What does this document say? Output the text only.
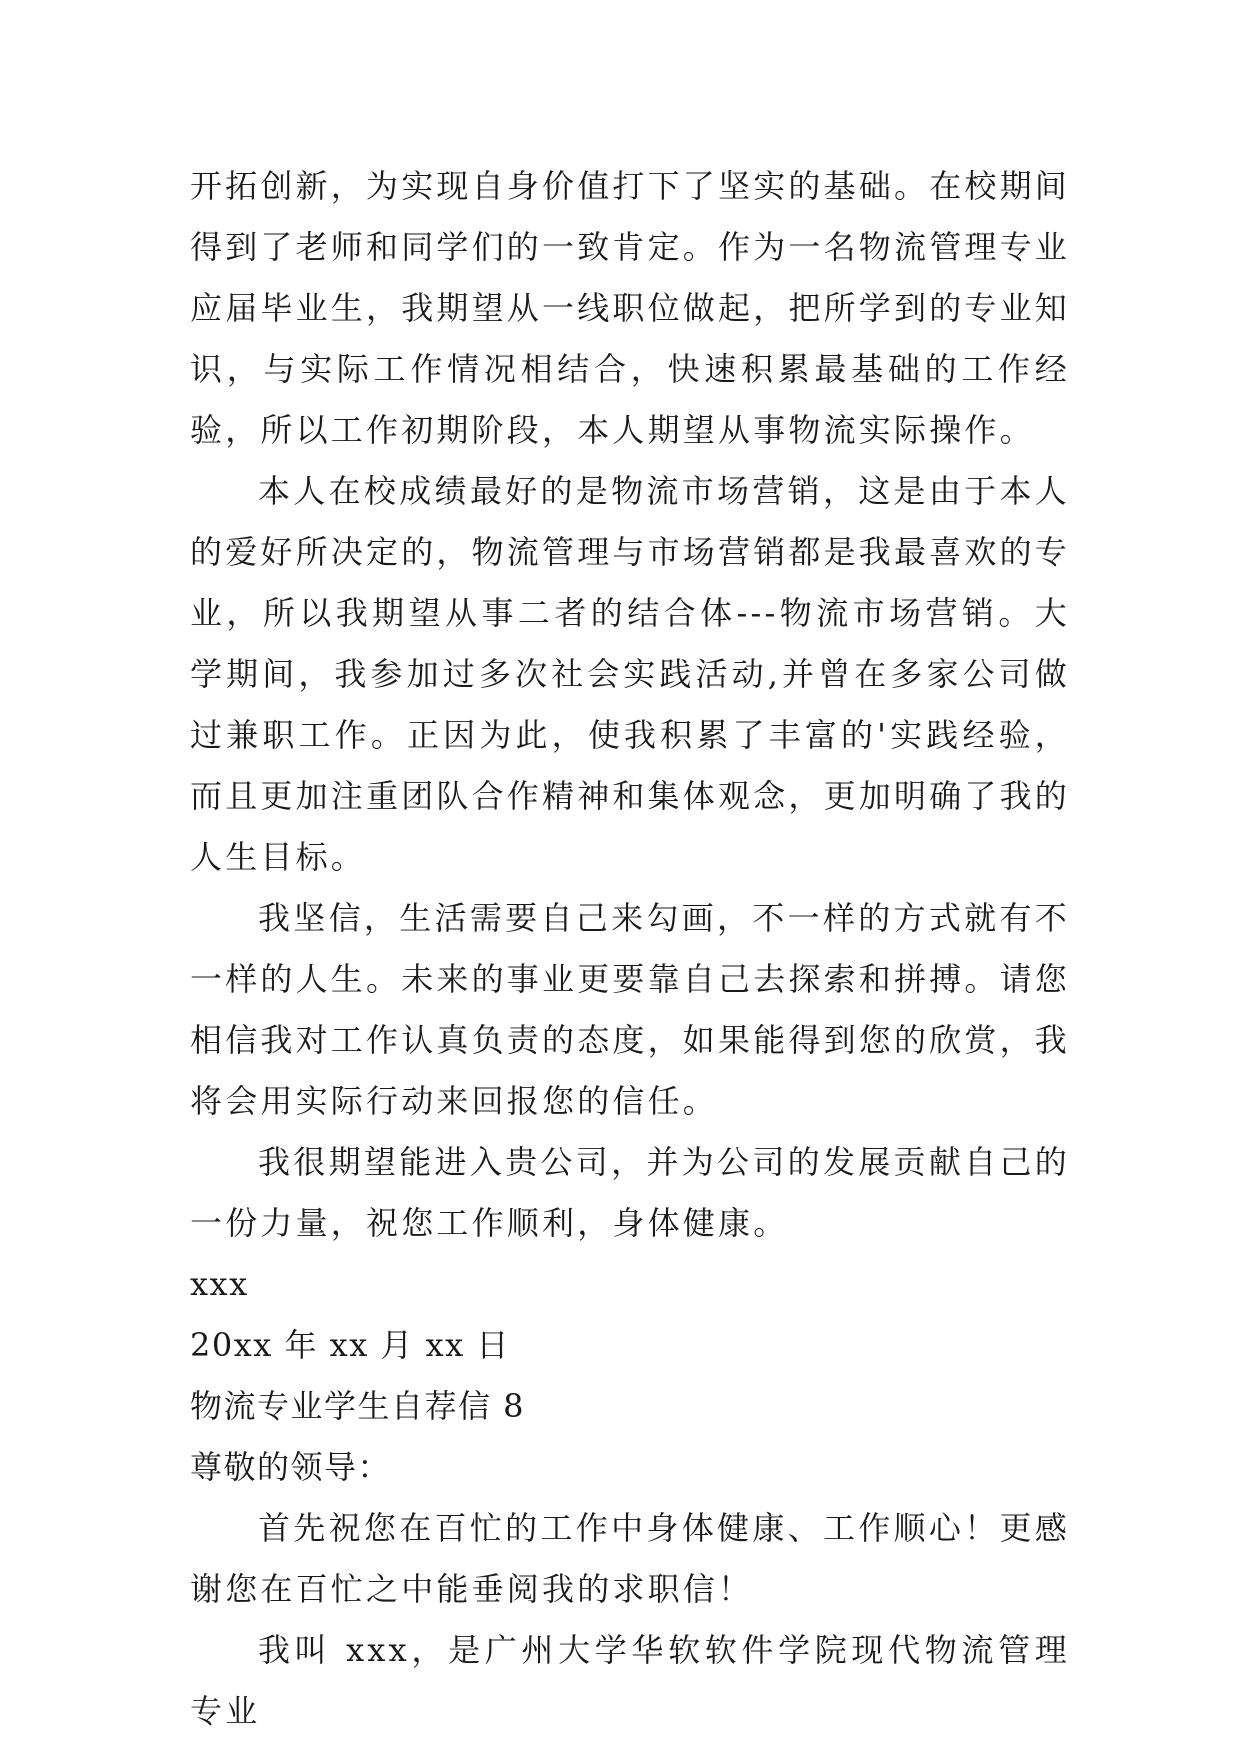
开拓创新，为实现自身价值打下了坚实的基础。在校期间得到了老师和同学们的一致肯定。作为一名物流管理专业应届毕业生，我期望从一线职位做起，把所学到的专业知识，与实际工作情况相结合，快速积累最基础的工作经验，所以工作初期阶段，本人期望从事物流实际操作。

本人在校成绩最好的是物流市场营销，这是由于本人的爱好所决定的，物流管理与市场营销都是我最喜欢的专业，所以我期望从事二者的结合体---物流市场营销。大学期间，我参加过多次社会实践活动,并曾在多家公司做过兼职工作。正因为此，使我积累了丰富的'实践经验，而且更加注重团队合作精神和集体观念，更加明确了我的人生目标。

我坚信，生活需要自己来勾画，不一样的方式就有不一样的人生。未来的事业更要靠自己去探索和拼搏。请您相信我对工作认真负责的态度，如果能得到您的欣赏，我将会用实际行动来回报您的信任。

我很期望能进入贵公司，并为公司的发展贡献自己的一份力量，祝您工作顺利，身体健康。

xxx

20xx 年 xx 月 xx 日

物流专业学生自荐信 8

尊敬的领导：

首先祝您在百忙的工作中身体健康、工作顺心！更感谢您在百忙之中能垂阅我的求职信！

我叫 xxx，是广州大学华软软件学院现代物流管理专业
